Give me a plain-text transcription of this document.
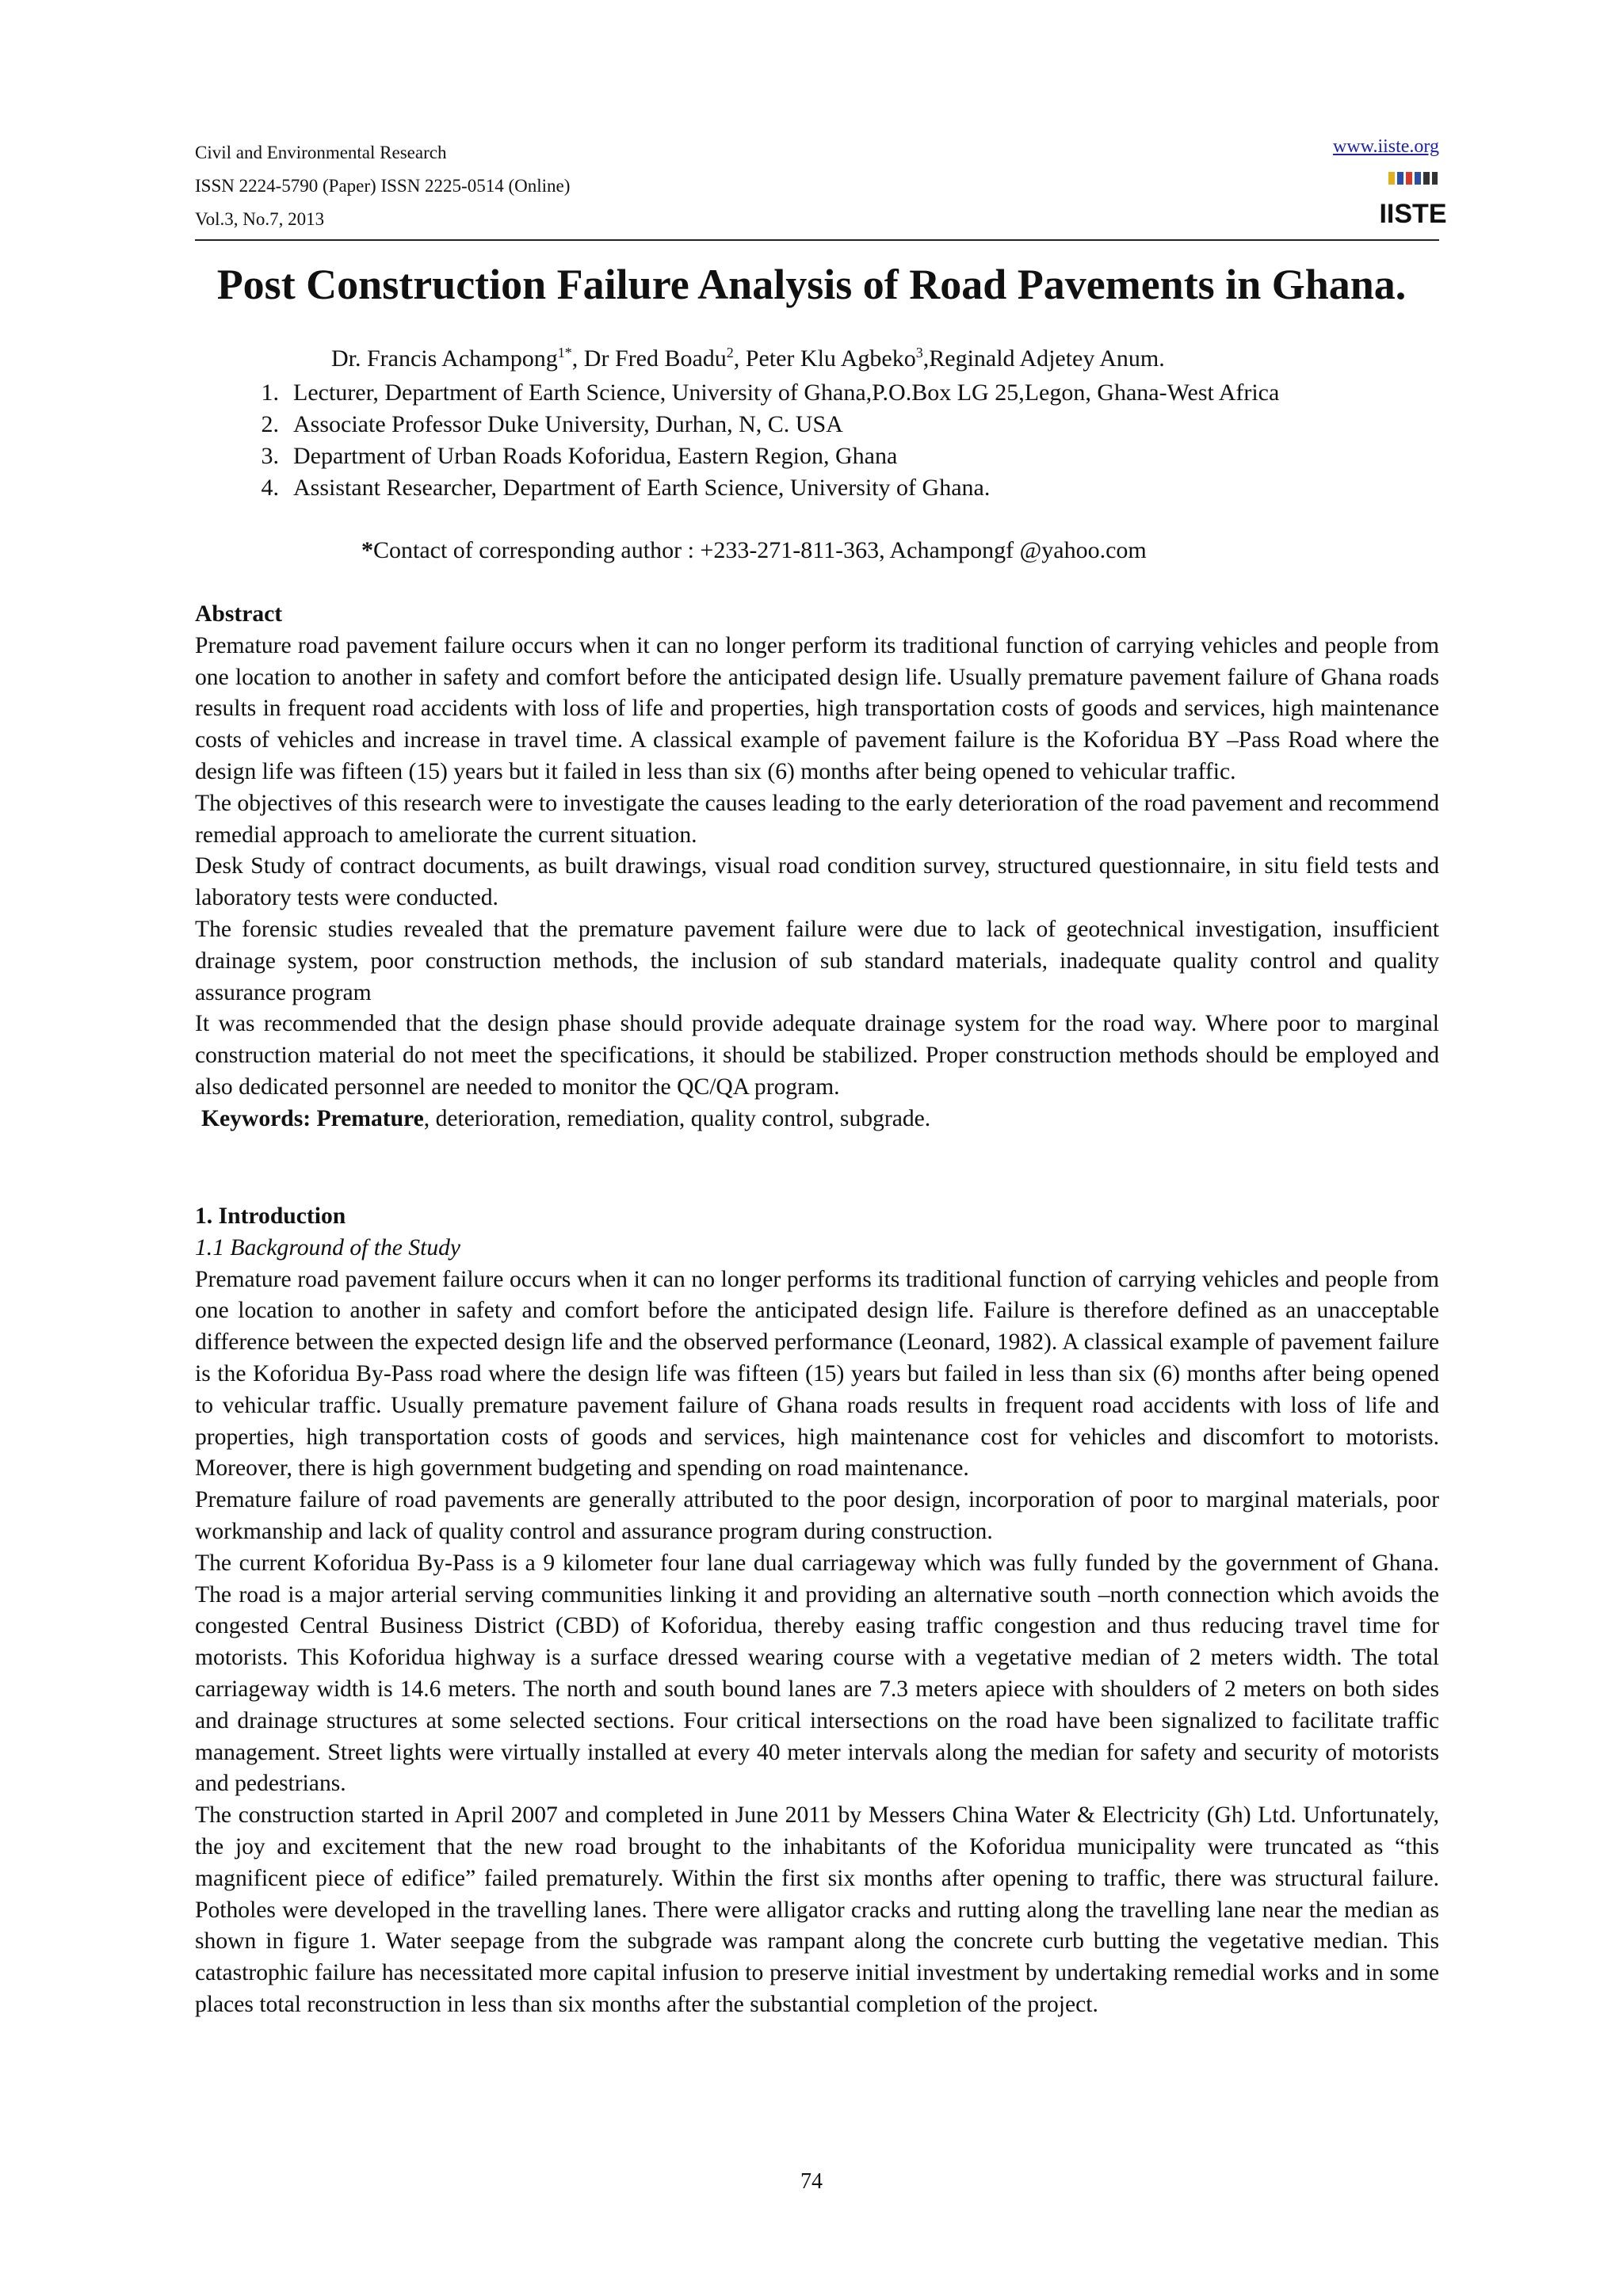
Civil and Environmental Research
ISSN 2224-5790 (Paper) ISSN 2225-0514 (Online)
Vol.3, No.7, 2013
www.iiste.org
IISTE
Post Construction Failure Analysis of Road Pavements in Ghana.
Dr. Francis Achampong$^{1*}$, Dr Fred Boadu$^2$, Peter Klu Agbeko$^3$,Reginald Adjetey Anum.
1. Lecturer, Department of Earth Science, University of Ghana,P.O.Box LG 25,Legon, Ghana-West Africa
2. Associate Professor Duke University, Durhan, N, C. USA
3. Department of Urban Roads Koforidua, Eastern Region, Ghana
4. Assistant Researcher, Department of Earth Science, University of Ghana.
*Contact of corresponding author : +233-271-811-363, Achampongf @yahoo.com

Abstract

Premature road pavement failure occurs when it can no longer perform its traditional function of carrying vehicles and people from one location to another in safety and comfort before the anticipated design life. Usually premature pavement failure of Ghana roads results in frequent road accidents with loss of life and properties, high transportation costs of goods and services, high maintenance costs of vehicles and increase in travel time. A classical example of pavement failure is the Koforidua BY –Pass Road where the design life was fifteen (15) years but it failed in less than six (6) months after being opened to vehicular traffic.

The objectives of this research were to investigate the causes leading to the early deterioration of the road pavement and recommend remedial approach to ameliorate the current situation.

Desk Study of contract documents, as built drawings, visual road condition survey, structured questionnaire, in situ field tests and laboratory tests were conducted.

The forensic studies revealed that the premature pavement failure were due to lack of geotechnical investigation, insufficient drainage system, poor construction methods, the inclusion of sub standard materials, inadequate quality control and quality assurance program

It was recommended that the design phase should provide adequate drainage system for the road way. Where poor to marginal construction material do not meet the specifications, it should be stabilized. Proper construction methods should be employed and also dedicated personnel are needed to monitor the QC/QA program.

Keywords: Premature, deterioration, remediation, quality control, subgrade.

1. Introduction

1.1 Background of the Study

Premature road pavement failure occurs when it can no longer performs its traditional function of carrying vehicles and people from one location to another in safety and comfort before the anticipated design life. Failure is therefore defined as an unacceptable difference between the expected design life and the observed performance (Leonard, 1982). A classical example of pavement failure is the Koforidua By-Pass road where the design life was fifteen (15) years but failed in less than six (6) months after being opened to vehicular traffic. Usually premature pavement failure of Ghana roads results in frequent road accidents with loss of life and properties, high transportation costs of goods and services, high maintenance cost for vehicles and discomfort to motorists. Moreover, there is high government budgeting and spending on road maintenance.

Premature failure of road pavements are generally attributed to the poor design, incorporation of poor to marginal materials, poor workmanship and lack of quality control and assurance program during construction.

The current Koforidua By-Pass is a 9 kilometer four lane dual carriageway which was fully funded by the government of Ghana. The road is a major arterial serving communities linking it and providing an alternative south –north connection which avoids the congested Central Business District (CBD) of Koforidua, thereby easing traffic congestion and thus reducing travel time for motorists. This Koforidua highway is a surface dressed wearing course with a vegetative median of 2 meters width. The total carriageway width is 14.6 meters. The north and south bound lanes are 7.3 meters apiece with shoulders of 2 meters on both sides and drainage structures at some selected sections. Four critical intersections on the road have been signalized to facilitate traffic management. Street lights were virtually installed at every 40 meter intervals along the median for safety and security of motorists and pedestrians.

The construction started in April 2007 and completed in June 2011 by Messers China Water & Electricity (Gh) Ltd. Unfortunately, the joy and excitement that the new road brought to the inhabitants of the Koforidua municipality were truncated as “this magnificent piece of edifice” failed prematurely. Within the first six months after opening to traffic, there was structural failure. Potholes were developed in the travelling lanes. There were alligator cracks and rutting along the travelling lane near the median as shown in figure 1. Water seepage from the subgrade was rampant along the concrete curb butting the vegetative median. This catastrophic failure has necessitated more capital infusion to preserve initial investment by undertaking remedial works and in some places total reconstruction in less than six months after the substantial completion of the project.

74
